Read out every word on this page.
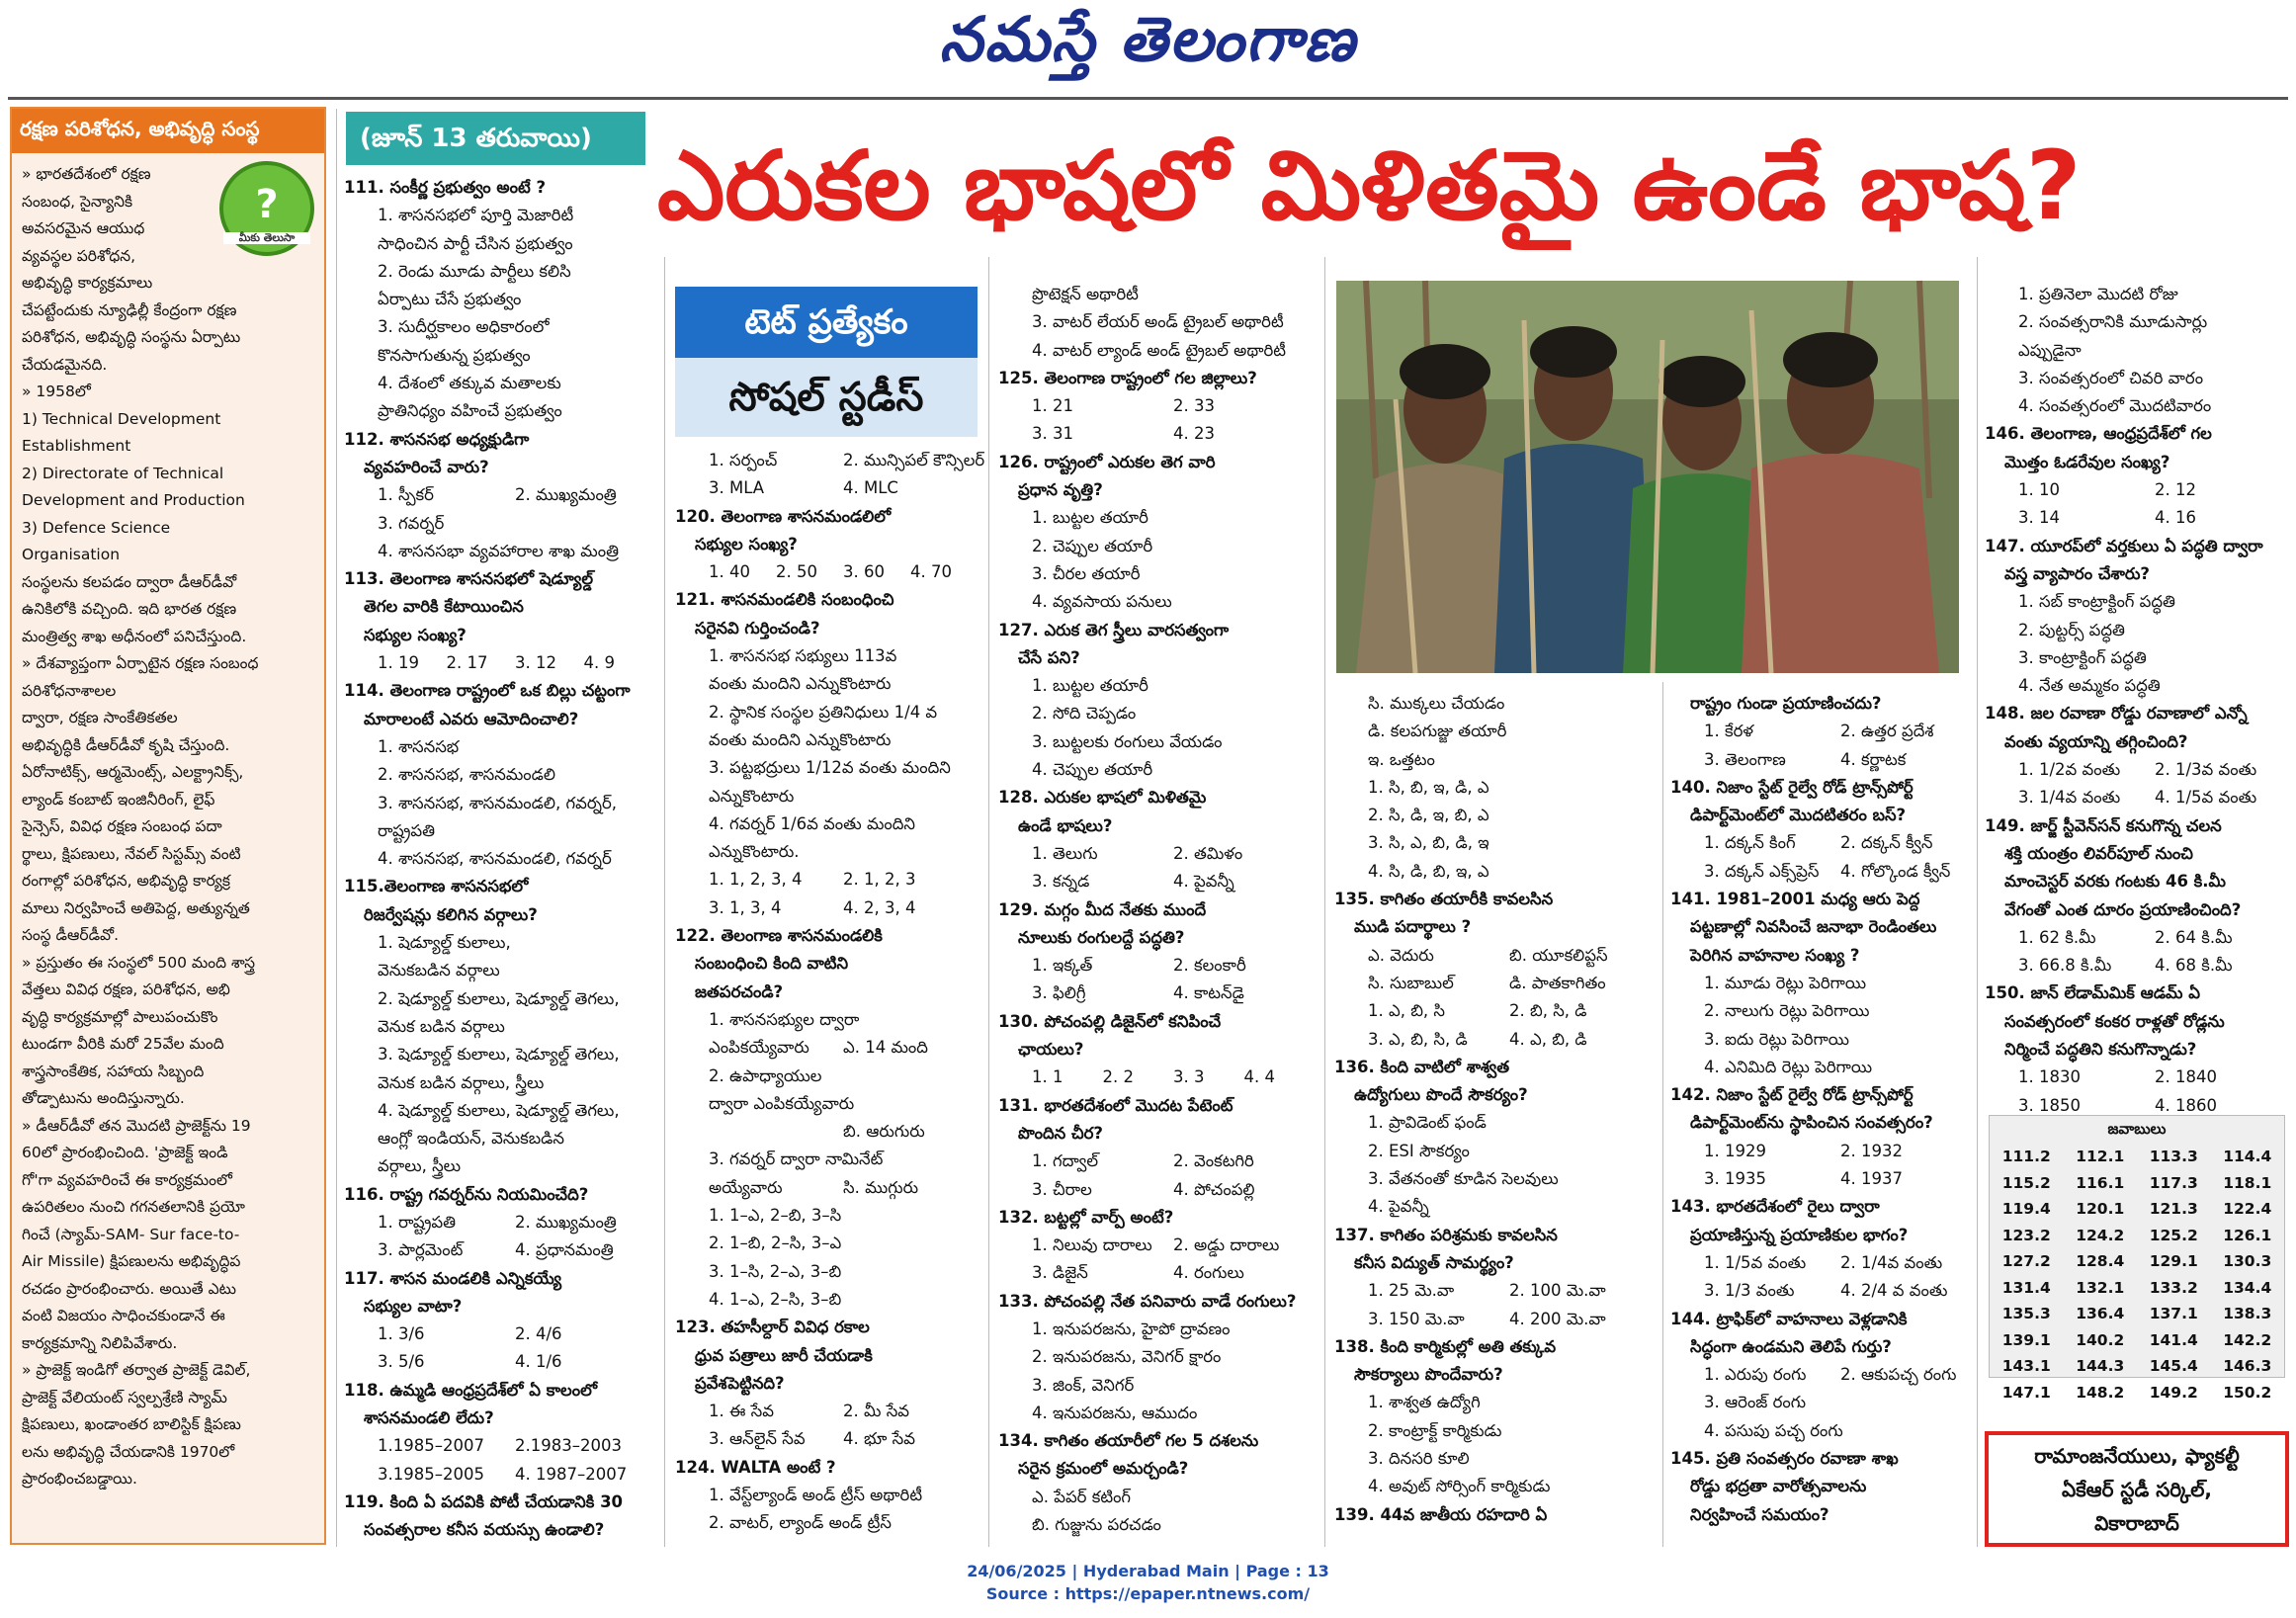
నమస్తే తెలంగాణ
రక్షణ పరిశోధన, అభివృద్ధి సంస్థ
?
మీకు తెలుసా

» భారతదేశంలో రక్షణ

సంబంధ, సైన్యానికి

అవసరమైన ఆయుధ

వ్యవస్థల పరిశోధన,

అభివృద్ధి కార్యక్రమాలు

చేపట్టేందుకు న్యూఢిల్లీ కేంద్రంగా రక్షణ

పరిశోధన, అభివృద్ధి సంస్థను ఏర్పాటు

చేయడమైనది.

» 1958లో

1) Technical Development

Establishment

2) Directorate of Technical

Development and Production

3) Defence Science

Organisation

సంస్థలను కలపడం ద్వారా డీఆర్‌డీవో

ఉనికిలోకి వచ్చింది. ఇది భారత రక్షణ

మంత్రిత్వ శాఖ అధీనంలో పనిచేస్తుంది.

» దేశవ్యాప్తంగా ఏర్పాటైన రక్షణ సంబంధ

పరిశోధనాశాలల

ద్వారా, రక్షణ సాంకేతికతల

అభివృద్ధికి డీఆర్‌డీవో కృషి చేస్తుంది.

ఏరోనాటిక్స్, ఆర్మమెంట్స్, ఎలక్ట్రానిక్స్,

ల్యాండ్ కంబాట్ ఇంజినీరింగ్, లైఫ్

సైన్సెస్, వివిధ రక్షణ సంబంధ పదా

ర్థాలు, క్షిపణులు, నేవల్ సిస్టమ్స్ వంటి

రంగాల్లో పరిశోధన, అభివృద్ధి కార్యక్ర

మాలు నిర్వహించే అతిపెద్ద, అత్యున్నత

సంస్థ డీఆర్‌డీవో.

» ప్రస్తుతం ఈ సంస్థలో 500 మంది శాస్త్ర

వేత్తలు వివిధ రక్షణ, పరిశోధన, అభి

వృద్ధి కార్యక్రమాల్లో పాలుపంచుకొం

టుండగా వీరికి మరో 25వేల మంది

శాస్త్రసాంకేతిక, సహాయ సిబ్బంది

తోడ్పాటును అందిస్తున్నారు.

» డీఆర్‌డీవో తన మొదటి ప్రాజెక్ట్‌ను 19

60లో ప్రారంభించింది. 'ప్రాజెక్ట్ ఇండి

గో'గా వ్యవహరించే ఈ కార్యక్రమంలో

ఉపరితలం నుంచి గగనతలానికి ప్రయో

గించే (స్యామ్-SAM- Sur face-to-

Air Missile) క్షిపణులను అభివృద్ధిప

రచడం ప్రారంభించారు. అయితే ఎటు

వంటి విజయం సాధించకుండానే ఈ

కార్యక్రమాన్ని నిలిపివేశారు.

» ప్రాజెక్ట్ ఇండిగో తర్వాత ప్రాజెక్ట్ డెవిల్,

ప్రాజెక్ట్ వేలియంట్ స్వల్పశ్రేణి స్యామ్

క్షిపణులు, ఖండాంతర బాలిస్టిక్ క్షిపణు

లను అభివృద్ధి చేయడానికి 1970లో

ప్రారంభించబడ్డాయి.

(జూన్ 13 తరువాయి) ఎరుకల భాషలో మిళితమై ఉండే భాష?
టెట్ ప్రత్యేకం
సోషల్ స్టడీస్

111. సంకీర్ణ ప్రభుత్వం అంటే ?

1. శాసనసభలో పూర్తి మెజారిటీ

సాధించిన పార్టీ చేసిన ప్రభుత్వం

2. రెండు మూడు పార్టీలు కలిసి

ఏర్పాటు చేసే ప్రభుత్వం

3. సుదీర్ఘకాలం అధికారంలో

కొనసాగుతున్న ప్రభుత్వం

4. దేశంలో తక్కువ మతాలకు

ప్రాతినిధ్యం వహించే ప్రభుత్వం

112. శాసనసభ అధ్యక్షుడిగా

వ్యవహరించే వారు?

1. స్పీకర్	2. ముఖ్యమంత్రి

3. గవర్నర్

4. శాసనసభా వ్యవహారాల శాఖ మంత్రి

113. తెలంగాణ శాసనసభలో షెడ్యూల్డ్

తెగల వారికి కేటాయించిన

సభ్యుల సంఖ్య?

1. 19	2. 17	3. 12	4. 9

114. తెలంగాణ రాష్ట్రంలో ఒక బిల్లు చట్టంగా

మారాలంటే ఎవరు ఆమోదించాలి?

1. శాసనసభ

2. శాసనసభ, శాసనమండలి

3. శాసనసభ, శాసనమండలి, గవర్నర్,

రాష్ట్రపతి

4. శాసనసభ, శాసనమండలి, గవర్నర్

115.తెలంగాణ శాసనసభలో

రిజర్వేషన్లు కలిగిన వర్గాలు?

1. షెడ్యూల్డ్ కులాలు,

వెనుకబడిన వర్గాలు

2. షెడ్యూల్డ్ కులాలు, షెడ్యూల్డ్ తెగలు,

వెనుక బడిన వర్గాలు

3. షెడ్యూల్డ్ కులాలు, షెడ్యూల్డ్ తెగలు,

వెనుక బడిన వర్గాలు, స్త్రీలు

4. షెడ్యూల్డ్ కులాలు, షెడ్యూల్డ్ తెగలు,

ఆంగ్లో ఇండియన్, వెనుకబడిన

వర్గాలు, స్త్రీలు

116. రాష్ట్ర గవర్నర్‌ను నియమించేది?

1. రాష్ట్రపతి	2. ముఖ్యమంత్రి

3. పార్లమెంట్	4. ప్రధానమంత్రి

117. శాసన మండలికి ఎన్నికయ్యే

సభ్యుల వాటా?

1. 3/6	2. 4/6

3. 5/6	4. 1/6

118. ఉమ్మడి ఆంధ్రప్రదేశ్‌లో ఏ కాలంలో

శాసనమండలి లేదు?

1.1985–2007	2.1983–2003

3.1985–2005	4. 1987–2007

119. కింది ఏ పదవికి పోటీ చేయడానికి 30

సంవత్సరాల కనీస వయస్సు ఉండాలి?

1. సర్పంచ్	2. మున్సిపల్ కౌన్సిలర్

3. MLA	4. MLC

120. తెలంగాణ శాసనమండలిలో

సభ్యుల సంఖ్య?

1. 40	2. 50	3. 60	4. 70

121. శాసనమండలికి సంబంధించి

సరైనవి గుర్తించండి?

1. శాసనసభ సభ్యులు 113వ

వంతు మందిని ఎన్నుకొంటారు

2. స్థానిక సంస్థల ప్రతినిధులు 1/4 వ

వంతు మందిని ఎన్నుకొంటారు

3. పట్టభద్రులు 1/12వ వంతు మందిని

ఎన్నుకొంటారు

4. గవర్నర్ 1/6వ వంతు మందిని

ఎన్నుకొంటారు.

1. 1, 2, 3, 4	2. 1, 2, 3

3. 1, 3, 4	4. 2, 3, 4

122. తెలంగాణ శాసనమండలికి

సంబంధించి కింది వాటిని

జతపరచండి?

1. శాసనసభ్యుల ద్వారా

ఎంపికయ్యేవారు	ఎ. 14 మంది

2. ఉపాధ్యాయుల

ద్వారా ఎంపికయ్యేవారు

బి. ఆరుగురు

3. గవర్నర్ ద్వారా నామినేట్

అయ్యేవారు	సి. ముగ్గురు

1. 1–ఎ, 2–బి, 3–సి

2. 1–బి, 2–సి, 3–ఎ

3. 1–సి, 2–ఎ, 3–బి

4. 1–ఎ, 2–సి, 3–బి

123. తహసీల్దార్ వివిధ రకాల

ధ్రువ పత్రాలు జారీ చేయడాకి

ప్రవేశపెట్టినది?

1. ఈ సేవ	2. మీ సేవ

3. ఆన్‌లైన్ సేవ	4. భూ సేవ

124. WALTA అంటే ?

1. వేస్ట్‌ల్యాండ్ అండ్ ట్రీస్ అథారిటీ

2. వాటర్, ల్యాండ్ అండ్ ట్రీస్

ప్రొటెక్షన్ అథారిటీ

3. వాటర్ లేయర్ అండ్ ట్రైబల్ అథారిటీ

4. వాటర్ ల్యాండ్ అండ్ ట్రైబల్ అథారిటీ

125. తెలంగాణ రాష్ట్రంలో గల జిల్లాలు?

1. 21	2. 33

3. 31	4. 23

126. రాష్ట్రంలో ఎరుకల తెగ వారి

ప్రధాన వృత్తి?

1. బుట్టల తయారీ

2. చెప్పుల తయారీ

3. చీరల తయారీ

4. వ్యవసాయ పనులు

127. ఎరుక తెగ స్త్రీలు వారసత్వంగా

చేసే పని?

1. బుట్టల తయారీ

2. సోది చెప్పడం

3. బుట్టలకు రంగులు వేయడం

4. చెప్పుల తయారీ

128. ఎరుకల భాషలో మిళితమై

ఉండే భాషలు?

1. తెలుగు	2. తమిళం

3. కన్నడ	4. పైవన్నీ

129. మగ్గం మీద నేతకు ముందే

నూలుకు రంగులద్దే పద్ధతి?

1. ఇక్కత్	2. కలంకారీ

3. ఫిలిగ్రీ	4. కాటన్‌డై

130. పోచంపల్లి డిజైన్‌లో కనిపించే

ఛాయలు?

1. 1	2. 2	3. 3	4. 4

131. భారతదేశంలో మొదట పేటెంట్

పొందిన చీర?

1. గద్వాల్	2. వెంకటగిరి

3. చీరాల	4. పోచంపల్లి

132. బట్టల్లో వార్ప్ అంటే?

1. నిలువు దారాలు	2. అడ్డు దారాలు

3. డిజైన్	4. రంగులు

133. పోచంపల్లి నేత పనివారు వాడే రంగులు?

1. ఇనుపరజను, హైపో ద్రావణం

2. ఇనుపరజను, వెనిగర్ క్షారం

3. జింక్, వెనిగర్

4. ఇనుపరజను, ఆముదం

134. కాగితం తయారీలో గల 5 దశలను

సరైన క్రమంలో అమర్చండి?

ఎ. పేపర్ కటింగ్

బి. గుజ్జును పరచడం

సి. ముక్కలు చేయడం

డి. కలపగుజ్జు తయారీ

ఇ. ఒత్తటం

1. సి, బి, ఇ, డి, ఎ

2. సి, డి, ఇ, బి, ఎ

3. సి, ఎ, బి, డి, ఇ

4. సి, డి, బి, ఇ, ఎ

135. కాగితం తయారీకి కావలసిన

ముడి పదార్థాలు ?

ఎ. వెదురు	బి. యూకలిప్టస్

సి. సుబాబుల్	డి. పాతకాగితం

1. ఎ, బి, సి	2. బి, సి, డి

3. ఎ, బి, సి, డి	4. ఎ, బి, డి

136. కింది వాటిలో శాశ్వత

ఉద్యోగులు పొందే సౌకర్యం?

1. ప్రావిడెంట్ ఫండ్

2. ESI సౌకర్యం

3. వేతనంతో కూడిన సెలవులు

4. పైవన్నీ

137. కాగితం పరిశ్రమకు కావలసిన

కనీస విద్యుత్ సామర్థ్యం?

1. 25 మె.వా	2. 100 మె.వా

3. 150 మె.వా	4. 200 మె.వా

138. కింది కార్మికుల్లో అతి తక్కువ

సౌకర్యాలు పొందేవారు?

1. శాశ్వత ఉద్యోగి

2. కాంట్రాక్ట్ కార్మికుడు

3. దినసరి కూలి

4. అవుట్ సోర్సింగ్ కార్మికుడు

139. 44వ జాతీయ రహదారి ఏ

రాష్ట్రం గుండా ప్రయాణించదు?

1. కేరళ	2. ఉత్తర ప్రదేశ

3. తెలంగాణ	4. కర్ణాటక

140. నిజాం స్టేట్ రైల్వే రోడ్ ట్రాన్స్‌పోర్ట్

డిపార్ట్‌మెంట్‌లో మొదటితరం బస్?

1. దక్కన్ కింగ్	2. దక్కన్ క్వీన్

3. దక్కన్ ఎక్స్‌ప్రెస్	4. గోల్కొండ క్వీన్

141. 1981–2001 మధ్య ఆరు పెద్ద

పట్టణాల్లో నివసించే జనాభా రెండింతలు

పెరిగిన వాహనాల సంఖ్య ?

1. మూడు రెట్లు పెరిగాయి

2. నాలుగు రెట్లు పెరిగాయి

3. ఐదు రెట్లు పెరిగాయి

4. ఎనిమిది రెట్లు పెరిగాయి

142. నిజాం స్టేట్ రైల్వే రోడ్ ట్రాన్స్‌పోర్ట్

డిపార్ట్‌మెంట్‌ను స్థాపించిన సంవత్సరం?

1. 1929	2. 1932

3. 1935	4. 1937

143. భారతదేశంలో రైలు ద్వారా

ప్రయాణిస్తున్న ప్రయాణికుల భాగం?

1. 1/5వ వంతు	2. 1/4వ వంతు

3. 1/3 వంతు	4. 2/4 వ వంతు

144. ట్రాఫిక్‌లో వాహనాలు వెళ్లడానికి

సిద్ధంగా ఉండమని తెలిపే గుర్తు?

1. ఎరుపు రంగు	2. ఆకుపచ్చ రంగు

3. ఆరెంజ్ రంగు

4. పసుపు పచ్చ రంగు

145. ప్రతి సంవత్సరం రవాణా శాఖ

రోడ్డు భద్రతా వారోత్సవాలను

నిర్వహించే సమయం?

1. ప్రతినెలా మొదటి రోజు

2. సంవత్సరానికి మూడుసార్లు

ఎప్పుడైనా

3. సంవత్సరంలో చివరి వారం

4. సంవత్సరంలో మొదటివారం

146. తెలంగాణ, ఆంధ్రప్రదేశ్‌లో గల

మొత్తం ఓడరేవుల సంఖ్య?

1. 10	2. 12

3. 14	4. 16

147. యూరప్‌లో వర్తకులు ఏ పద్ధతి ద్వారా

వస్త్ర వ్యాపారం చేశారు?

1. సబ్ కాంట్రాక్టింగ్ పద్ధతి

2. పుట్టర్స్ పద్ధతి

3. కాంట్రాక్టింగ్ పద్ధతి

4. నేత అమ్మకం పద్ధతి

148. జల రవాణా రోడ్డు రవాణాలో ఎన్నో

వంతు వ్యయాన్ని తగ్గించింది?

1. 1/2వ వంతు	2. 1/3వ వంతు

3. 1/4వ వంతు	4. 1/5వ వంతు

149. జార్జ్ స్టీవెన్‌సన్ కనుగొన్న చలన

శక్తి యంత్రం లివర్‌పూల్ నుంచి

మాంచెస్టర్ వరకు గంటకు 46 కి.మీ

వేగంతో ఎంత దూరం ప్రయాణించింది?

1. 62 కి.మీ	2. 64 కి.మీ

3. 66.8 కి.మీ	4. 68 కి.మీ

150. జాన్ లేడామ్‌మిక్ ఆడమ్ ఏ

సంవత్సరంలో కంకర రాళ్లతో రోడ్లను

నిర్మించే పద్ధతిని కనుగొన్నాడు?

1. 1830	2. 1840

3. 1850	4. 1860

జవాబులు
111.2	112.1	113.3	114.4
115.2	116.1	117.3	118.1
119.4	120.1	121.3	122.4
123.2	124.2	125.2	126.1
127.2	128.4	129.1	130.3
131.4	132.1	133.2	134.4
135.3	136.4	137.1	138.3
139.1	140.2	141.4	142.2
143.1	144.3	145.4	146.3
147.1	148.2	149.2	150.2
రామాంజనేయులు, ఫ్యాకల్టీ
ఏకేఆర్ స్టడీ సర్కిల్,
వికారాబాద్
24/06/2025 | Hyderabad Main | Page : 13
Source : https://epaper.ntnews.com/
